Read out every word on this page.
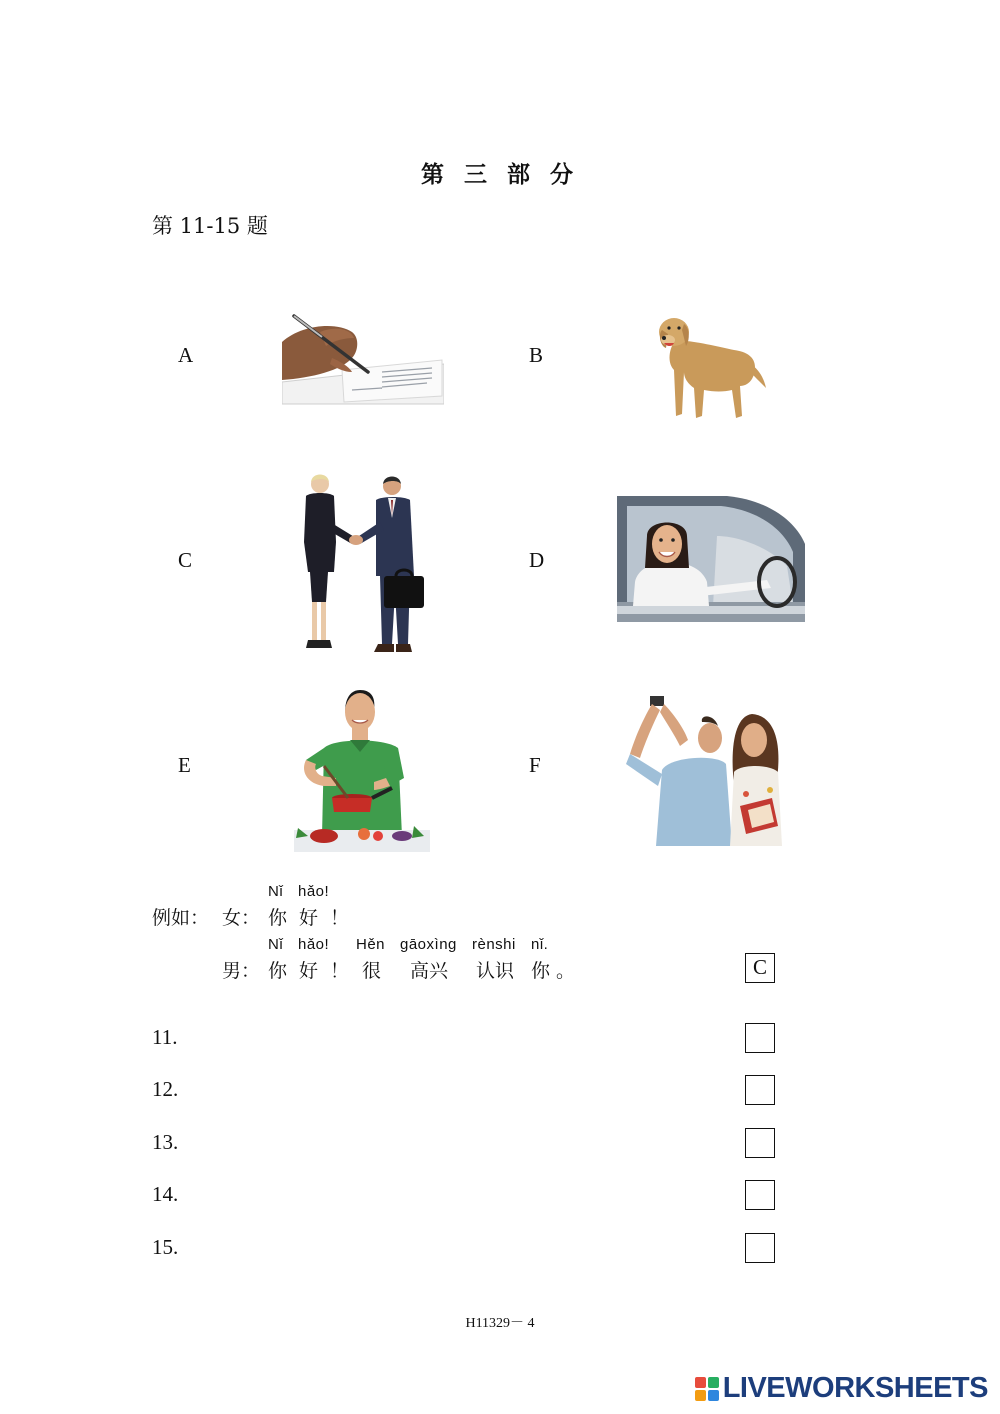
第 三 部 分
第 11-15 题
A	B
C	D
E	F
例如： 女：
Nǐ hǎo!
你 好 ！
男：
Nǐ hǎo! Hěn gāoxìng rènshi nǐ.
你 好 ！ 很 高兴 认识 你 。	C
11.
12.
13.
14.
15.
H11329－ 4
LIVEWORKSHEETS
